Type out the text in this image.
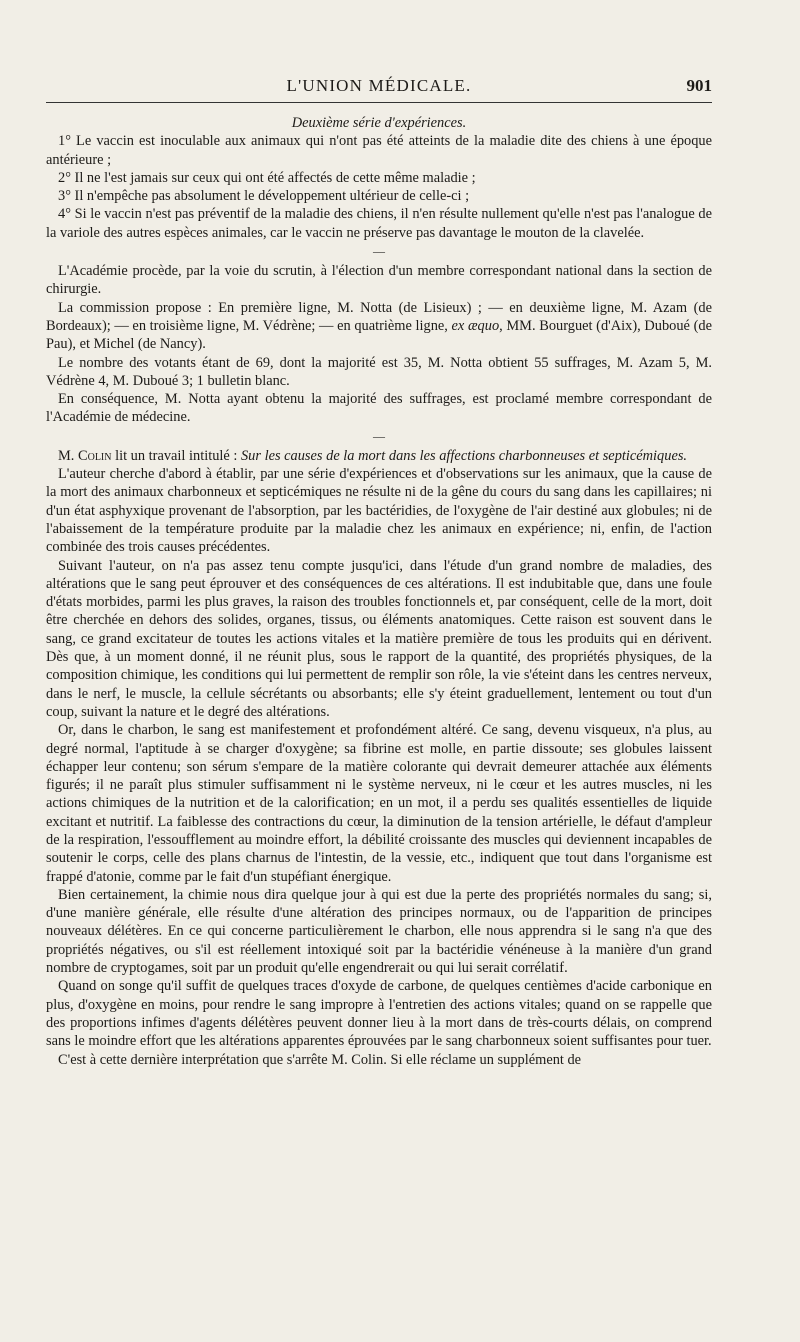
L'UNION MÉDICALE.	901

Deuxième série d'expériences.

1° Le vaccin est inoculable aux animaux qui n'ont pas été atteints de la maladie dite des chiens à une époque antérieure ;

2° Il ne l'est jamais sur ceux qui ont été affectés de cette même maladie ;

3° Il n'empêche pas absolument le développement ultérieur de celle-ci ;

4° Si le vaccin n'est pas préventif de la maladie des chiens, il n'en résulte nullement qu'elle n'est pas l'analogue de la variole des autres espèces animales, car le vaccin ne préserve pas davantage le mouton de la clavelée.

—

L'Académie procède, par la voie du scrutin, à l'élection d'un membre correspondant national dans la section de chirurgie.

La commission propose : En première ligne, M. Notta (de Lisieux) ; — en deuxième ligne, M. Azam (de Bordeaux); — en troisième ligne, M. Védrène; — en quatrième ligne, ex æquo, MM. Bourguet (d'Aix), Duboué (de Pau), et Michel (de Nancy).

Le nombre des votants étant de 69, dont la majorité est 35, M. Notta obtient 55 suffrages, M. Azam 5, M. Védrène 4, M. Duboué 3; 1 bulletin blanc.

En conséquence, M. Notta ayant obtenu la majorité des suffrages, est proclamé membre correspondant de l'Académie de médecine.

—

M. Colin lit un travail intitulé : Sur les causes de la mort dans les affections charbonneuses et septicémiques.

L'auteur cherche d'abord à établir, par une série d'expériences et d'observations sur les animaux, que la cause de la mort des animaux charbonneux et septicémiques ne résulte ni de la gêne du cours du sang dans les capillaires; ni d'un état asphyxique provenant de l'absorption, par les bactéridies, de l'oxygène de l'air destiné aux globules; ni de l'abaissement de la température produite par la maladie chez les animaux en expérience; ni, enfin, de l'action combinée des trois causes précédentes.

Suivant l'auteur, on n'a pas assez tenu compte jusqu'ici, dans l'étude d'un grand nombre de maladies, des altérations que le sang peut éprouver et des conséquences de ces altérations. Il est indubitable que, dans une foule d'états morbides, parmi les plus graves, la raison des troubles fonctionnels et, par conséquent, celle de la mort, doit être cherchée en dehors des solides, organes, tissus, ou éléments anatomiques. Cette raison est souvent dans le sang, ce grand excitateur de toutes les actions vitales et la matière première de tous les produits qui en dérivent. Dès que, à un moment donné, il ne réunit plus, sous le rapport de la quantité, des propriétés physiques, de la composition chimique, les conditions qui lui permettent de remplir son rôle, la vie s'éteint dans les centres nerveux, dans le nerf, le muscle, la cellule sécrétants ou absorbants; elle s'y éteint graduellement, lentement ou tout d'un coup, suivant la nature et le degré des altérations.

Or, dans le charbon, le sang est manifestement et profondément altéré. Ce sang, devenu visqueux, n'a plus, au degré normal, l'aptitude à se charger d'oxygène; sa fibrine est molle, en partie dissoute; ses globules laissent échapper leur contenu; son sérum s'empare de la matière colorante qui devrait demeurer attachée aux éléments figurés; il ne paraît plus stimuler suffisamment ni le système nerveux, ni le cœur et les autres muscles, ni les actions chimiques de la nutrition et de la calorification; en un mot, il a perdu ses qualités essentielles de liquide excitant et nutritif. La faiblesse des contractions du cœur, la diminution de la tension artérielle, le défaut d'ampleur de la respiration, l'essoufflement au moindre effort, la débilité croissante des muscles qui deviennent incapables de soutenir le corps, celle des plans charnus de l'intestin, de la vessie, etc., indiquent que tout dans l'organisme est frappé d'atonie, comme par le fait d'un stupéfiant énergique.

Bien certainement, la chimie nous dira quelque jour à qui est due la perte des propriétés normales du sang; si, d'une manière générale, elle résulte d'une altération des principes normaux, ou de l'apparition de principes nouveaux délétères. En ce qui concerne particulièrement le charbon, elle nous apprendra si le sang n'a que des propriétés négatives, ou s'il est réellement intoxiqué soit par la bactéridie vénéneuse à la manière d'un grand nombre de cryptogames, soit par un produit qu'elle engendrerait ou qui lui serait corrélatif.

Quand on songe qu'il suffit de quelques traces d'oxyde de carbone, de quelques centièmes d'acide carbonique en plus, d'oxygène en moins, pour rendre le sang impropre à l'entretien des actions vitales; quand on se rappelle que des proportions infimes d'agents délétères peuvent donner lieu à la mort dans de très-courts délais, on comprend sans le moindre effort que les altérations apparentes éprouvées par le sang charbonneux soient suffisantes pour tuer.

C'est à cette dernière interprétation que s'arrête M. Colin. Si elle réclame un supplément de
